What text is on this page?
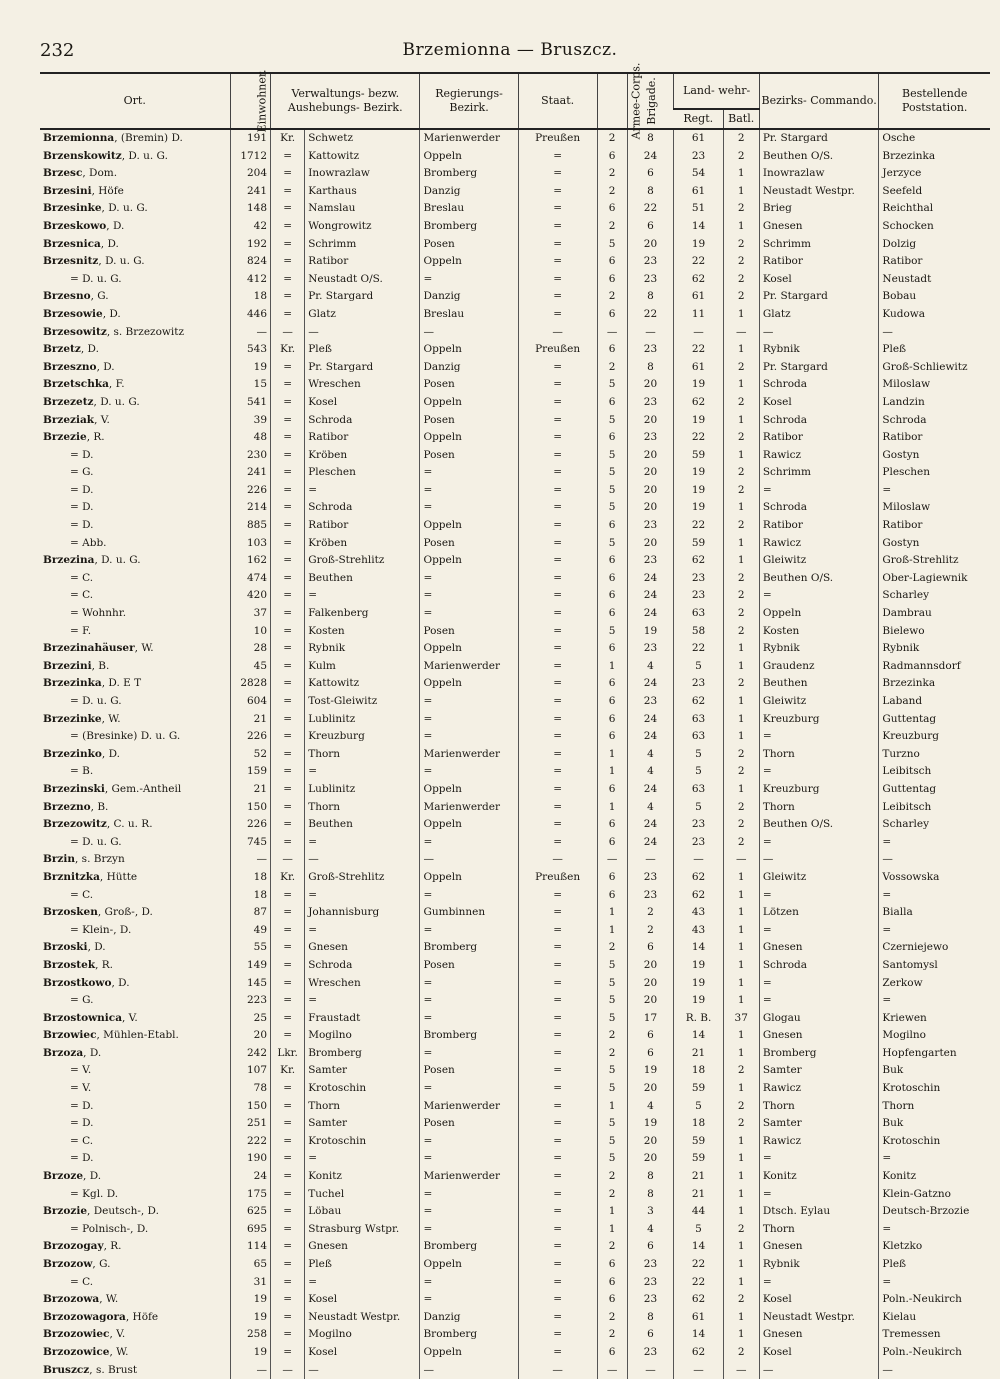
232	Brzemionna — Bruszcz.
Ort.	Einwohner.	Verwaltungs- bezw. Aushebungs- Bezirk.		Regierungs- Bezirk.	Staat.	Armee-Corps.	Brigade.	Land- wehr-		Bezirks- Commando.	Bestellende Poststation.
								Regt.	Batl.		
Brzemionna, (Bremin) D.	191	Kr.	Schwetz	Marienwerder	Preußen	2	8	61	2	Pr. Stargard	Osche
Brzenskowitz, D. u. G.	1712	=	Kattowitz	Oppeln	=	6	24	23	2	Beuthen O/S.	Brzezinka
Brzesc, Dom.	204	=	Inowrazlaw	Bromberg	=	2	6	54	1	Inowrazlaw	Jerzyce
Brzesini, Höfe	241	=	Karthaus	Danzig	=	2	8	61	1	Neustadt Westpr.	Seefeld
Brzesinke, D. u. G.	148	=	Namslau	Breslau	=	6	22	51	2	Brieg	Reichthal
Brzeskowo, D.	42	=	Wongrowitz	Bromberg	=	2	6	14	1	Gnesen	Schocken
Brzesnica, D.	192	=	Schrimm	Posen	=	5	20	19	2	Schrimm	Dolzig
Brzesnitz, D. u. G.	824	=	Ratibor	Oppeln	=	6	23	22	2	Ratibor	Ratibor
= D. u. G.	412	=	Neustadt O/S.	=	=	6	23	62	2	Kosel	Neustadt
Brzesno, G.	18	=	Pr. Stargard	Danzig	=	2	8	61	2	Pr. Stargard	Bobau
Brzesowie, D.	446	=	Glatz	Breslau	=	6	22	11	1	Glatz	Kudowa
Brzesowitz, s. Brzezowitz	—	—	—	—	—	—	—	—	—	—	—
Brzetz, D.	543	Kr.	Pleß	Oppeln	Preußen	6	23	22	1	Rybnik	Pleß
Brzeszno, D.	19	=	Pr. Stargard	Danzig	=	2	8	61	2	Pr. Stargard	Groß-Schliewitz
Brzetschka, F.	15	=	Wreschen	Posen	=	5	20	19	1	Schroda	Miloslaw
Brzezetz, D. u. G.	541	=	Kosel	Oppeln	=	6	23	62	2	Kosel	Landzin
Brzeziak, V.	39	=	Schroda	Posen	=	5	20	19	1	Schroda	Schroda
Brzezie, R.	48	=	Ratibor	Oppeln	=	6	23	22	2	Ratibor	Ratibor
= D.	230	=	Kröben	Posen	=	5	20	59	1	Rawicz	Gostyn
= G.	241	=	Pleschen	=	=	5	20	19	2	Schrimm	Pleschen
= D.	226	=	=	=	=	5	20	19	2	=	=
= D.	214	=	Schroda	=	=	5	20	19	1	Schroda	Miloslaw
= D.	885	=	Ratibor	Oppeln	=	6	23	22	2	Ratibor	Ratibor
= Abb.	103	=	Kröben	Posen	=	5	20	59	1	Rawicz	Gostyn
Brzezina, D. u. G.	162	=	Groß-Strehlitz	Oppeln	=	6	23	62	1	Gleiwitz	Groß-Strehlitz
= C.	474	=	Beuthen	=	=	6	24	23	2	Beuthen O/S.	Ober-Lagiewnik
= C.	420	=	=	=	=	6	24	23	2	=	Scharley
= Wohnhr.	37	=	Falkenberg	=	=	6	24	63	2	Oppeln	Dambrau
= F.	10	=	Kosten	Posen	=	5	19	58	2	Kosten	Bielewo
Brzezinahäuser, W.	28	=	Rybnik	Oppeln	=	6	23	22	1	Rybnik	Rybnik
Brzezini, B.	45	=	Kulm	Marienwerder	=	1	4	5	1	Graudenz	Radmannsdorf
Brzezinka, D. E T	2828	=	Kattowitz	Oppeln	=	6	24	23	2	Beuthen	Brzezinka
= D. u. G.	604	=	Tost-Gleiwitz	=	=	6	23	62	1	Gleiwitz	Laband
Brzezinke, W.	21	=	Lublinitz	=	=	6	24	63	1	Kreuzburg	Guttentag
= (Bresinke) D. u. G.	226	=	Kreuzburg	=	=	6	24	63	1	=	Kreuzburg
Brzezinko, D.	52	=	Thorn	Marienwerder	=	1	4	5	2	Thorn	Turzno
= B.	159	=	=	=	=	1	4	5	2	=	Leibitsch
Brzezinski, Gem.-Antheil	21	=	Lublinitz	Oppeln	=	6	24	63	1	Kreuzburg	Guttentag
Brzezno, B.	150	=	Thorn	Marienwerder	=	1	4	5	2	Thorn	Leibitsch
Brzezowitz, C. u. R.	226	=	Beuthen	Oppeln	=	6	24	23	2	Beuthen O/S.	Scharley
= D. u. G.	745	=	=	=	=	6	24	23	2	=	=
Brzin, s. Brzyn	—	—	—	—	—	—	—	—	—	—	—
Brznitzka, Hütte	18	Kr.	Groß-Strehlitz	Oppeln	Preußen	6	23	62	1	Gleiwitz	Vossowska
= C.	18	=	=	=	=	6	23	62	1	=	=
Brzosken, Groß-, D.	87	=	Johannisburg	Gumbinnen	=	1	2	43	1	Lötzen	Bialla
= Klein-, D.	49	=	=	=	=	1	2	43	1	=	=
Brzoski, D.	55	=	Gnesen	Bromberg	=	2	6	14	1	Gnesen	Czerniejewo
Brzostek, R.	149	=	Schroda	Posen	=	5	20	19	1	Schroda	Santomysl
Brzostkowo, D.	145	=	Wreschen	=	=	5	20	19	1	=	Zerkow
= G.	223	=	=	=	=	5	20	19	1	=	=
Brzostownica, V.	25	=	Fraustadt	=	=	5	17	R. B.	37	Glogau	Kriewen
Brzowiec, Mühlen-Etabl.	20	=	Mogilno	Bromberg	=	2	6	14	1	Gnesen	Mogilno
Brzoza, D.	242	Lkr.	Bromberg	=	=	2	6	21	1	Bromberg	Hopfengarten
= V.	107	Kr.	Samter	Posen	=	5	19	18	2	Samter	Buk
= V.	78	=	Krotoschin	=	=	5	20	59	1	Rawicz	Krotoschin
= D.	150	=	Thorn	Marienwerder	=	1	4	5	2	Thorn	Thorn
= D.	251	=	Samter	Posen	=	5	19	18	2	Samter	Buk
= C.	222	=	Krotoschin	=	=	5	20	59	1	Rawicz	Krotoschin
= D.	190	=	=	=	=	5	20	59	1	=	=
Brzoze, D.	24	=	Konitz	Marienwerder	=	2	8	21	1	Konitz	Konitz
= Kgl. D.	175	=	Tuchel	=	=	2	8	21	1	=	Klein-Gatzno
Brzozie, Deutsch-, D.	625	=	Löbau	=	=	1	3	44	1	Dtsch. Eylau	Deutsch-Brzozie
= Polnisch-, D.	695	=	Strasburg Wstpr.	=	=	1	4	5	2	Thorn	=
Brzozogay, R.	114	=	Gnesen	Bromberg	=	2	6	14	1	Gnesen	Kletzko
Brzozow, G.	65	=	Pleß	Oppeln	=	6	23	22	1	Rybnik	Pleß
= C.	31	=	=	=	=	6	23	22	1	=	=
Brzozowa, W.	19	=	Kosel	=	=	6	23	62	2	Kosel	Poln.-Neukirch
Brzozowagora, Höfe	19	=	Neustadt Westpr.	Danzig	=	2	8	61	1	Neustadt Westpr.	Kielau
Brzozowiec, V.	258	=	Mogilno	Bromberg	=	2	6	14	1	Gnesen	Tremessen
Brzozowice, W.	19	=	Kosel	Oppeln	=	6	23	62	2	Kosel	Poln.-Neukirch
Bruszcz, s. Brust	—	—	—	—	—	—	—	—	—	—	—
